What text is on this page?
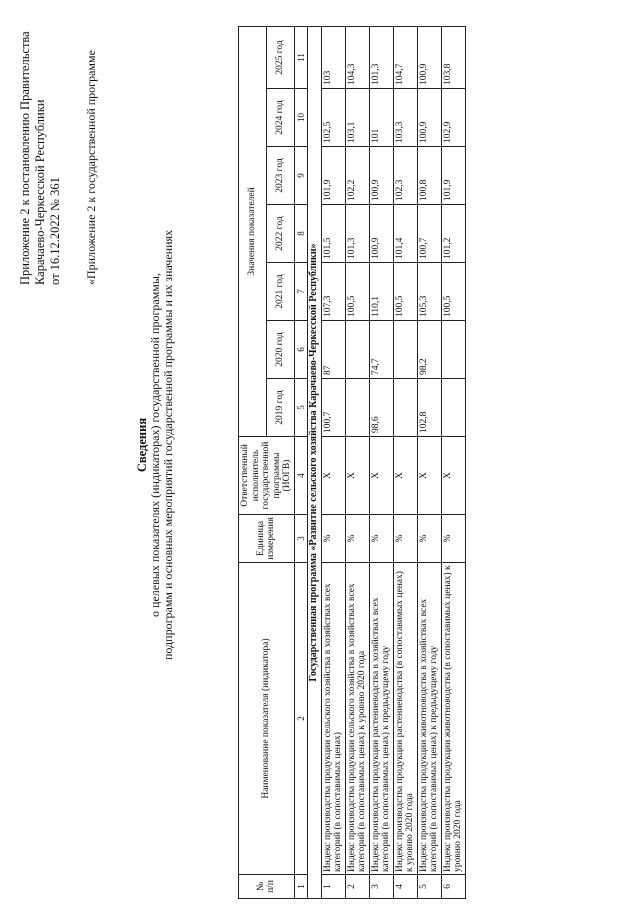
Приложение 2 к постановлению Правительства Карачаево-Черкесской Республики от 16.12.2022 № 361 «Приложение 2 к государственной программе
Сведения о целевых показателях (индикаторах) государственной программы, подпрограмм и основных мероприятий государственной программы и их значениях
№ п/п	Наименование показателя (индикатора)	Единица измерения	Ответственный исполнитель государственной программы (ИОГВ)	Значения показателей						
				2019 год	2020 год	2021 год	2022 год	2023 год	2024 год	2025 год
1	2	3	4	5	6	7	8	9	10	11
Государственная программа «Развитие сельского хозяйства Карачаево-Черкесской Республики»										
1	Индекс производства продукции сельского хозяйства в хозяйствах всех категорий (в сопоставимых ценах)	%	X	100,7	87	107,3	101,5	101,9	102,5	103
2	Индекс производства продукции сельского хозяйства в хозяйствах всех категорий (в сопоставимых ценах) к уровню 2020 года	%	X			100,5	101,3	102,2	103,1	104,3
3	Индекс производства продукции растениеводства в хозяйствах всех категорий (в сопоставимых ценах) к предыдущему году	%	X	98,6	74,7	110,1	100,9	100,9	101	101,3
4	Индекс производства продукции растениеводства (в сопоставимых ценах) к уровню 2020 года	%	X			100,5	101,4	102,3	103,3	104,7
5	Индекс производства продукции животноводства в хозяйствах всех категорий (в сопоставимых ценах) к предыдущему году	%	X	102,8	98,2	105,3	100,7	100,8	100,9	100,9
6	Индекс производства продукции животноводства (в сопоставимых ценах) к уровню 2020 года	%	X			100,5	101,2	101,9	102,9	103,8
